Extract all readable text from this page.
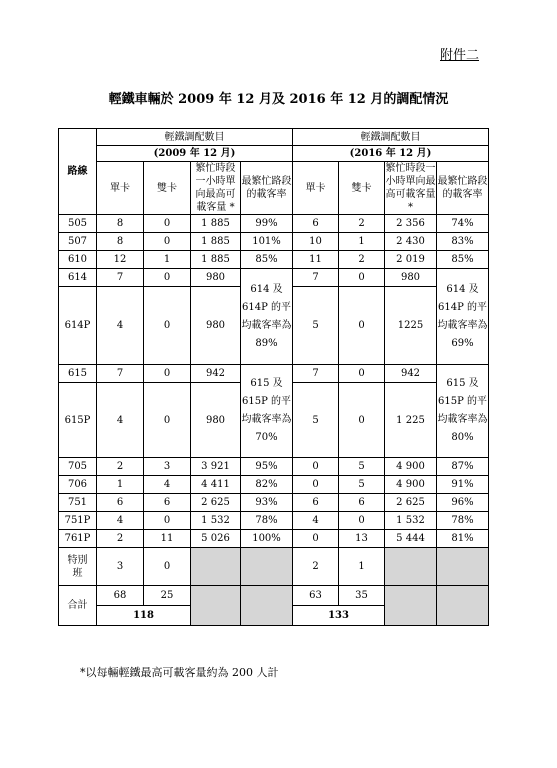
附件二
輕鐵車輛於 2009 年 12 月及 2016 年 12 月的調配情況
路線	輕鐵調配數目				輕鐵調配數目			
	(2009 年 12 月)				(2016 年 12 月)			
	單卡	雙卡	繁忙時段一小時單向最高可載客量 *	最繁忙路段的載客率	單卡	雙卡	繁忙時段一小時單向最高可載客量 *	最繁忙路段的載客率
505	8	0	1 885	99%	6	2	2 356	74%
507	8	0	1 885	101%	10	1	2 430	83%
610	12	1	1 885	85%	11	2	2 019	85%
614	7	0	980	614 及 614P 的平均載客率為 89%	7	0	980	614 及 614P 的平均載客率為 69%
614P	4	0	980		5	0	1225	
615	7	0	942	615 及 615P 的平均載客率為 70%	7	0	942	615 及 615P 的平均載客率為 80%
615P	4	0	980		5	0	1 225	
705	2	3	3 921	95%	0	5	4 900	87%
706	1	4	4 411	82%	0	5	4 900	91%
751	6	6	2 625	93%	6	6	2 625	96%
751P	4	0	1 532	78%	4	0	1 532	78%
761P	2	11	5 026	100%	0	13	5 444	81%
特別班	3	0			2	1		
合計	68	25			63	35		
	118				133			
*以每輛輕鐵最高可載客量約為 200 人計
